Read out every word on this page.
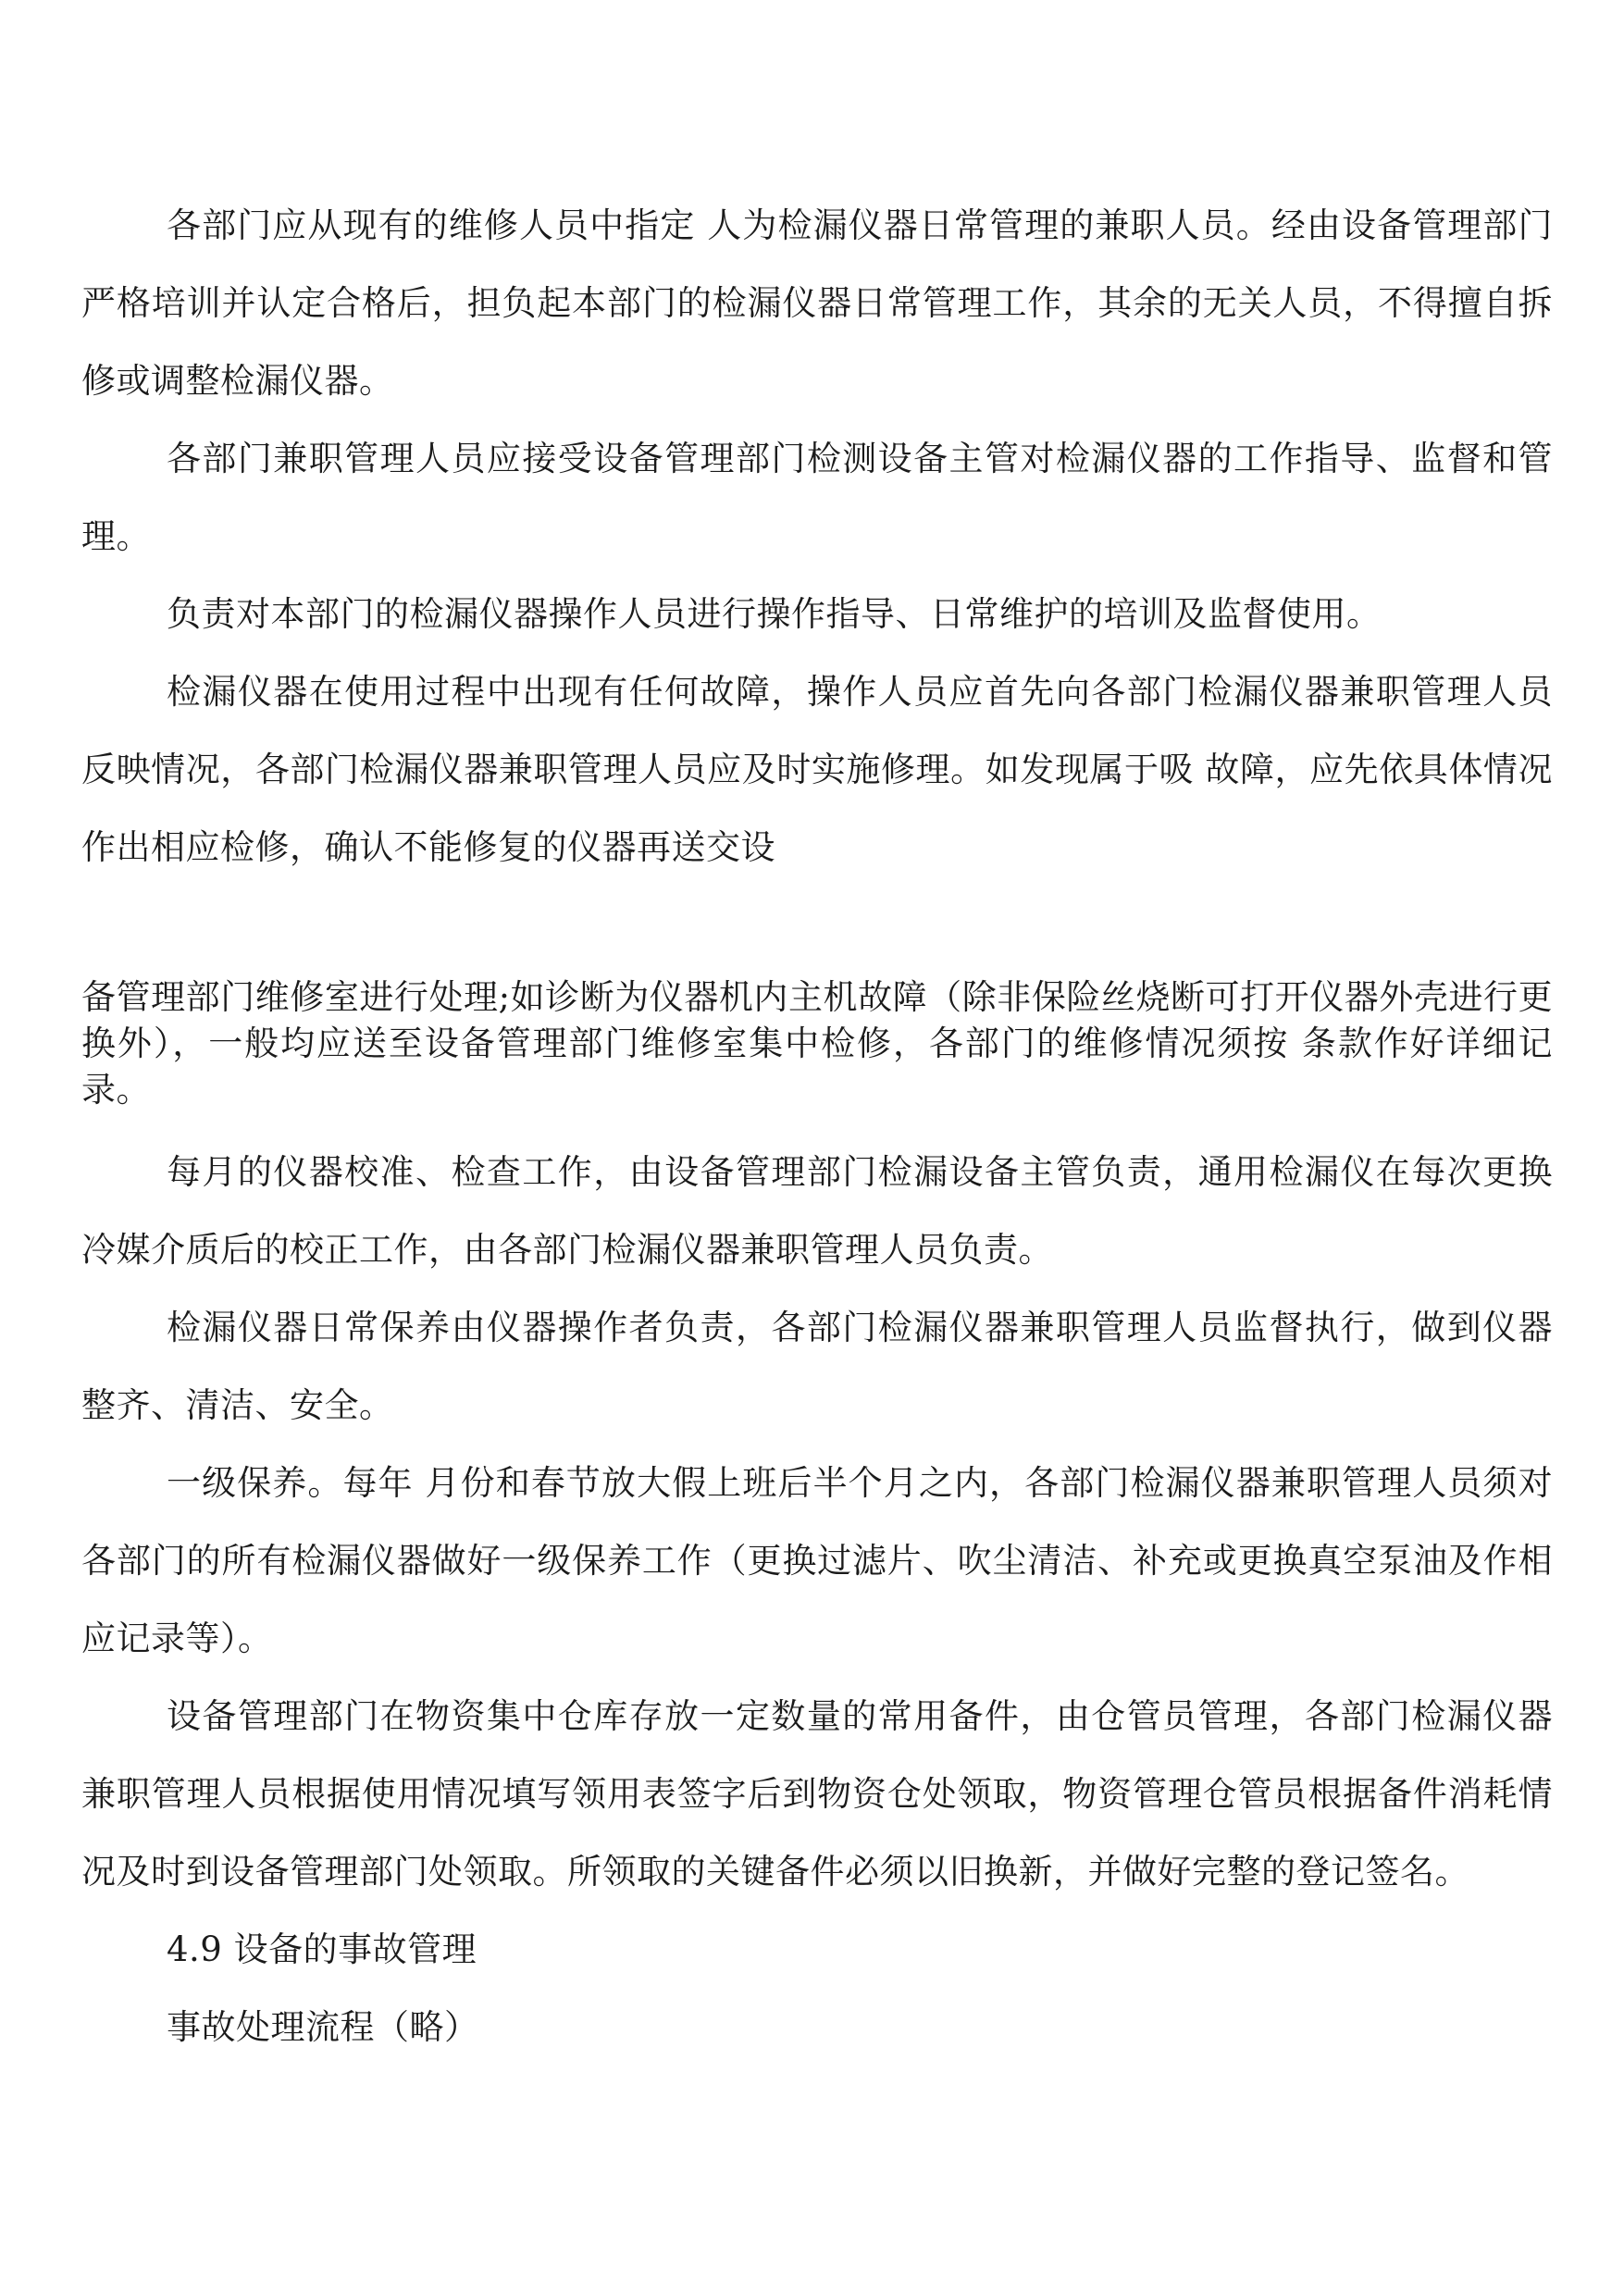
各部门应从现有的维修人员中指定 人为检漏仪器日常管理的兼职人员。经由设备管理部门严格培训并认定合格后，担负起本部门的检漏仪器日常管理工作，其余的无关人员，不得擅自拆修或调整检漏仪器。

各部门兼职管理人员应接受设备管理部门检测设备主管对检漏仪器的工作指导、监督和管理。

负责对本部门的检漏仪器操作人员进行操作指导、日常维护的培训及监督使用。

检漏仪器在使用过程中出现有任何故障，操作人员应首先向各部门检漏仪器兼职管理人员反映情况，各部门检漏仪器兼职管理人员应及时实施修理。如发现属于吸 故障，应先依具体情况作出相应检修，确认不能修复的仪器再送交设

备管理部门维修室进行处理;如诊断为仪器机内主机故障（除非保险丝烧断可打开仪器外壳进行更换外），一般均应送至设备管理部门维修室集中检修，各部门的维修情况须按 条款作好详细记录。

每月的仪器校准、检查工作，由设备管理部门检漏设备主管负责，通用检漏仪在每次更换冷媒介质后的校正工作，由各部门检漏仪器兼职管理人员负责。

检漏仪器日常保养由仪器操作者负责，各部门检漏仪器兼职管理人员监督执行，做到仪器整齐、清洁、安全。

一级保养。每年 月份和春节放大假上班后半个月之内，各部门检漏仪器兼职管理人员须对各部门的所有检漏仪器做好一级保养工作（更换过滤片、吹尘清洁、补充或更换真空泵油及作相应记录等）。

设备管理部门在物资集中仓库存放一定数量的常用备件，由仓管员管理，各部门检漏仪器兼职管理人员根据使用情况填写领用表签字后到物资仓处领取，物资管理仓管员根据备件消耗情况及时到设备管理部门处领取。所领取的关键备件必须以旧换新，并做好完整的登记签名。

4.9 设备的事故管理

事故处理流程（略）
